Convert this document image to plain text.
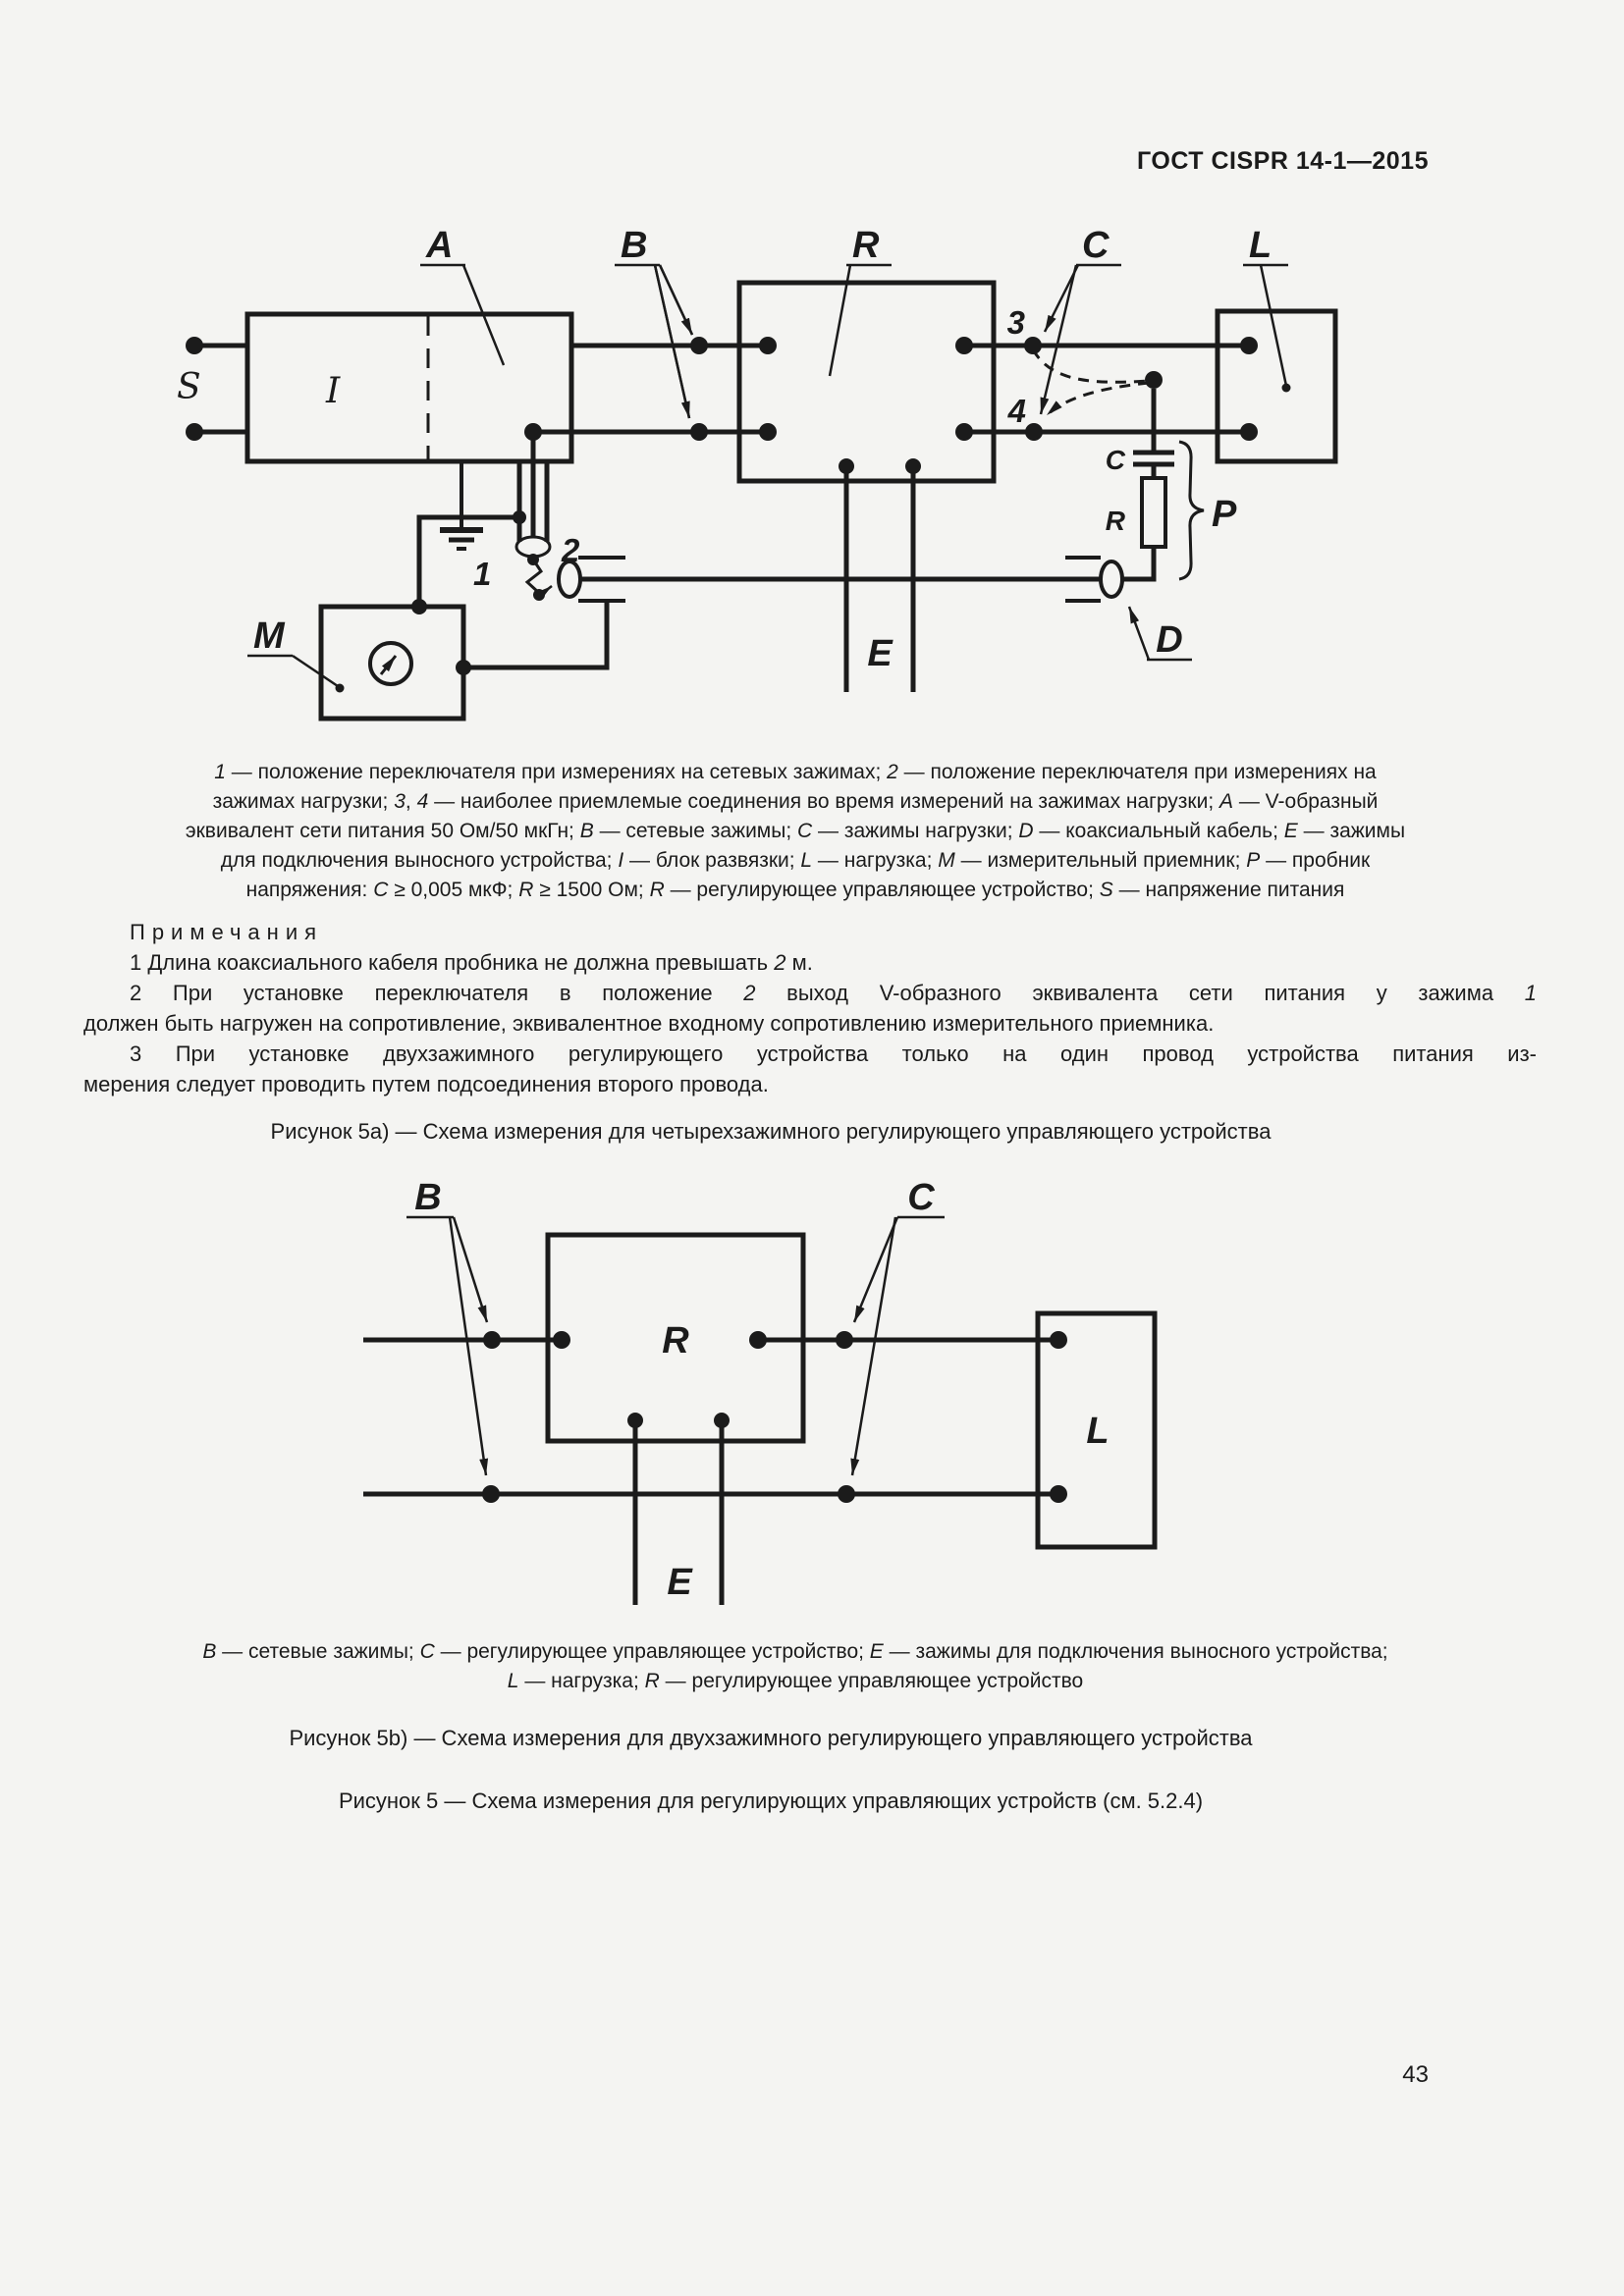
ГОСТ CISPR 14-1—2015
A	B	R	C	L
S	I
M	E	D
P
1
2
3
4
C
R
1 — положение переключателя при измерениях на сетевых зажимах; 2 — положение переключателя при измерениях на
зажимах нагрузки; 3, 4 — наиболее приемлемые соединения во время измерений на зажимах нагрузки; A — V-образный
эквивалент сети питания 50 Ом/50 мкГн; B — сетевые зажимы; C — зажимы нагрузки; D — коаксиальный кабель; E — зажимы
для подключения выносного устройства; I — блок развязки; L — нагрузка; M — измерительный приемник; P — пробник
напряжения: C ≥ 0,005 мкФ; R ≥ 1500 Ом; R — регулирующее управляющее устройство; S — напряжение питания
Примечания
1 Длина коаксиального кабеля пробника не должна превышать 2 м.
2 При установке переключателя в положение 2 выход V-образного эквивалента сети питания у зажима 1
должен быть нагружен на сопротивление, эквивалентное входному сопротивлению измерительного приемника.
3 При установке двухзажимного регулирующего устройства только на один провод устройства питания из-
мерения следует проводить путем подсоединения второго провода.
Рисунок 5a) — Схема измерения для четырехзажимного регулирующего управляющего устройства
B	C
R
L
E
B — сетевые зажимы; C — регулирующее управляющее устройство; E — зажимы для подключения выносного устройства;
L — нагрузка; R — регулирующее управляющее устройство
Рисунок 5b) — Схема измерения для двухзажимного регулирующего управляющего устройства
Рисунок 5 — Схема измерения для регулирующих управляющих устройств (см. 5.2.4)
43
